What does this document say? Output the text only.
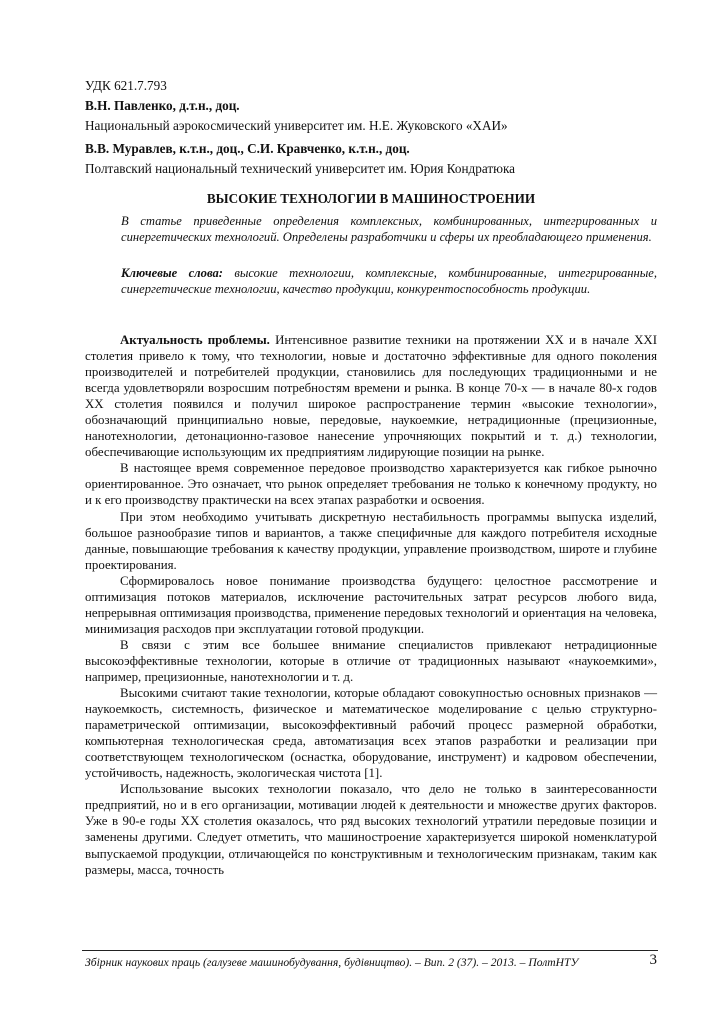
УДК 621.7.793
В.Н. Павленко, д.т.н., доц.
Национальный аэрокосмический университет им. Н.Е. Жуковского «ХАИ»
В.В. Муравлев, к.т.н., доц., С.И. Кравченко, к.т.н., доц.
Полтавский национальный технический университет им. Юрия Кондратюка
ВЫСОКИЕ ТЕХНОЛОГИИ В МАШИНОСТРОЕНИИ

В статье приведенные определения комплексных, комбинированных, интегрированных и синергетических технологий. Определены разработчики и сферы их преобладающего применения.

Ключевые слова: высокие технологии, комплексные, комбинированные, интегрированные, синергетические технологии, качество продукции, конкурентоспособность продукции.

Актуальность проблемы. Интенсивное развитие техники на протяжении XX и в начале XXI столетия привело к тому, что технологии, новые и достаточно эффективные для одного поколения производителей и потребителей продукции, становились для последующих традиционными и не всегда удовлетворяли возросшим потребностям времени и рынка. В конце 70-х — в начале 80-х годов XX столетия появился и получил широкое распространение термин «высокие технологии», обозначающий принципиально новые, передовые, наукоемкие, нетрадиционные (прецизионные, нанотехнологии, детонационно-газовое нанесение упрочняющих покрытий и т. д.) технологии, обеспечивающие использующим их предприятиям лидирующие позиции на рынке.

В настоящее время современное передовое производство характеризуется как гибкое рыночно ориентированное. Это означает, что рынок определяет требования не только к конечному продукту, но и к его производству практически на всех этапах разработки и освоения.

При этом необходимо учитывать дискретную нестабильность программы выпуска изделий, большое разнообразие типов и вариантов, а также специфичные для каждого потребителя исходные данные, повышающие требования к качеству продукции, управление производством, широте и глубине проектирования.

Сформировалось новое понимание производства будущего: целостное рассмотрение и оптимизация потоков материалов, исключение расточительных затрат ресурсов любого вида, непрерывная оптимизация производства, применение передовых технологий и ориентация на человека, минимизация расходов при эксплуатации готовой продукции.

В связи с этим все большее внимание специалистов привлекают нетрадиционные высокоэффективные технологии, которые в отличие от традиционных называют «наукоемкими», например, прецизионные, нанотехнологии и т. д.

Высокими считают такие технологии, которые обладают совокупностью основных признаков — наукоемкость, системность, физическое и математическое моделирование с целью структурно-параметрической оптимизации, высокоэффективный рабочий процесс размерной обработки, компьютерная технологическая среда, автоматизация всех этапов разработки и реализации при соответствующем технологическом (оснастка, оборудование, инструмент) и кадровом обеспечении, устойчивость, надежность, экологическая чистота [1].

Использование высоких технологии показало, что дело не только в заинтересованности предприятий, но и в его организации, мотивации людей к деятельности и множестве других факторов. Уже в 90-е годы XX столетия оказалось, что ряд высоких технологий утратили передовые позиции и заменены другими. Следует отметить, что машиностроение характеризуется широкой номенклатурой выпускаемой продукции, отличающейся по конструктивным и технологическим признакам, таким как размеры, масса, точность

Збірник наукових праць (галузеве машинобудування, будівництво). – Вип. 2 (37). – 2013. – ПолтНТУ	3
